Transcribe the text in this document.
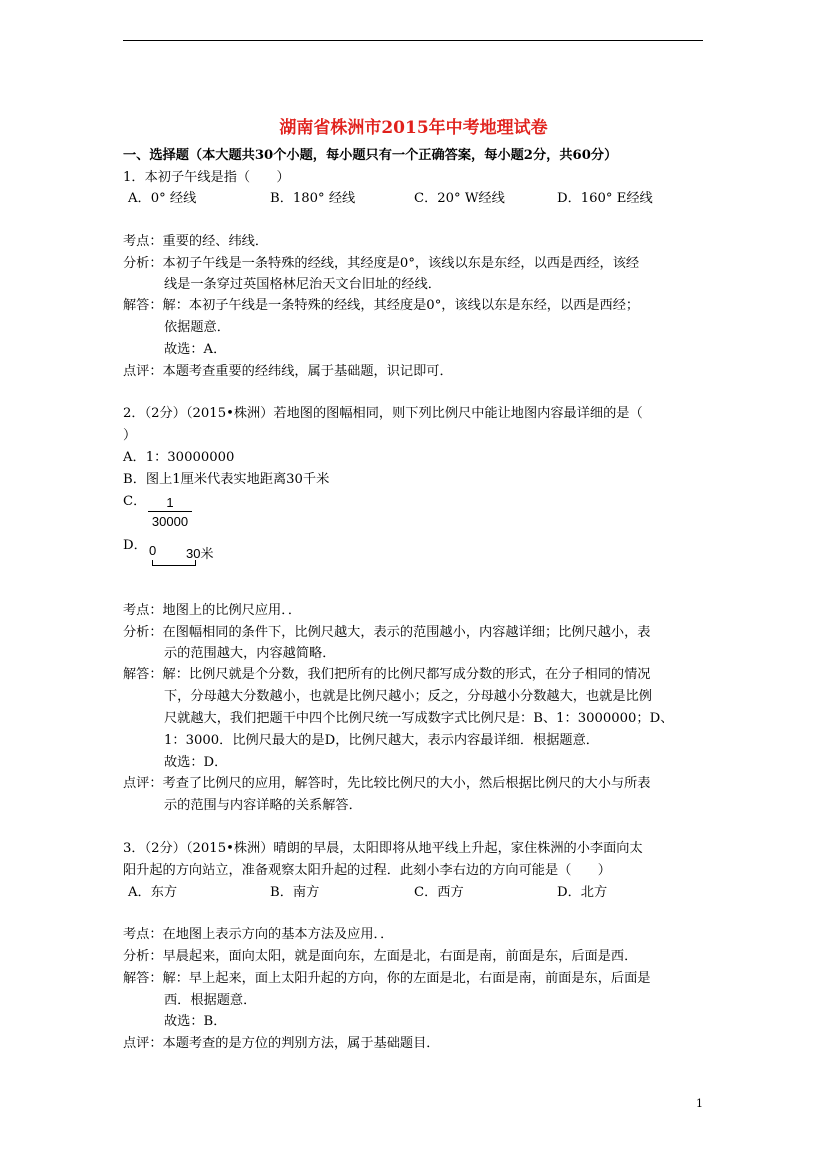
湖南省株洲市2015年中考地理试卷
一、选择题（本大题共30个小题，每小题只有一个正确答案，每小题2分，共60分）
1．本初子午线是指（　　）
A．0° 经线	B．180° 经线	C．20° W经线	D．160° E经线
考点：重要的经、纬线．
分析：本初子午线是一条特殊的经线，其经度是0°，该线以东是东经，以西是西经，该经
线是一条穿过英国格林尼治天文台旧址的经线．
解答：解：本初子午线是一条特殊的经线，其经度是0°，该线以东是东经，以西是西经；
依据题意．
故选：A．
点评：本题考查重要的经纬线，属于基础题，识记即可．
2．（2分）（2015•株洲）若地图的图幅相同，则下列比例尺中能让地图内容最详细的是（
）
A．1：30000000
B．图上1厘米代表实地距离30千米
C．	1
30000
D． 0 30米
考点：地图上的比例尺应用．．
分析：在图幅相同的条件下，比例尺越大，表示的范围越小，内容越详细；比例尺越小，表
示的范围越大，内容越简略．
解答：解：比例尺就是个分数，我们把所有的比例尺都写成分数的形式，在分子相同的情况
下，分母越大分数越小，也就是比例尺越小；反之，分母越小分数越大，也就是比例
尺就越大，我们把题干中四个比例尺统一写成数字式比例尺是：B、1：3000000；D、
1：3000．比例尺最大的是D，比例尺越大，表示内容最详细．根据题意．
故选：D．
点评：考查了比例尺的应用，解答时，先比较比例尺的大小，然后根据比例尺的大小与所表
示的范围与内容详略的关系解答．
3．（2分）（2015•株洲）晴朗的早晨，太阳即将从地平线上升起，家住株洲的小李面向太
阳升起的方向站立，准备观察太阳升起的过程．此刻小李右边的方向可能是（　　）
A．东方	B．南方	C．西方	D．北方
考点：在地图上表示方向的基本方法及应用．．
分析：早晨起来，面向太阳，就是面向东，左面是北，右面是南，前面是东，后面是西．
解答：解：早上起来，面上太阳升起的方向，你的左面是北，右面是南，前面是东，后面是
西．根据题意．
故选：B．
点评：本题考查的是方位的判别方法，属于基础题目．
1
